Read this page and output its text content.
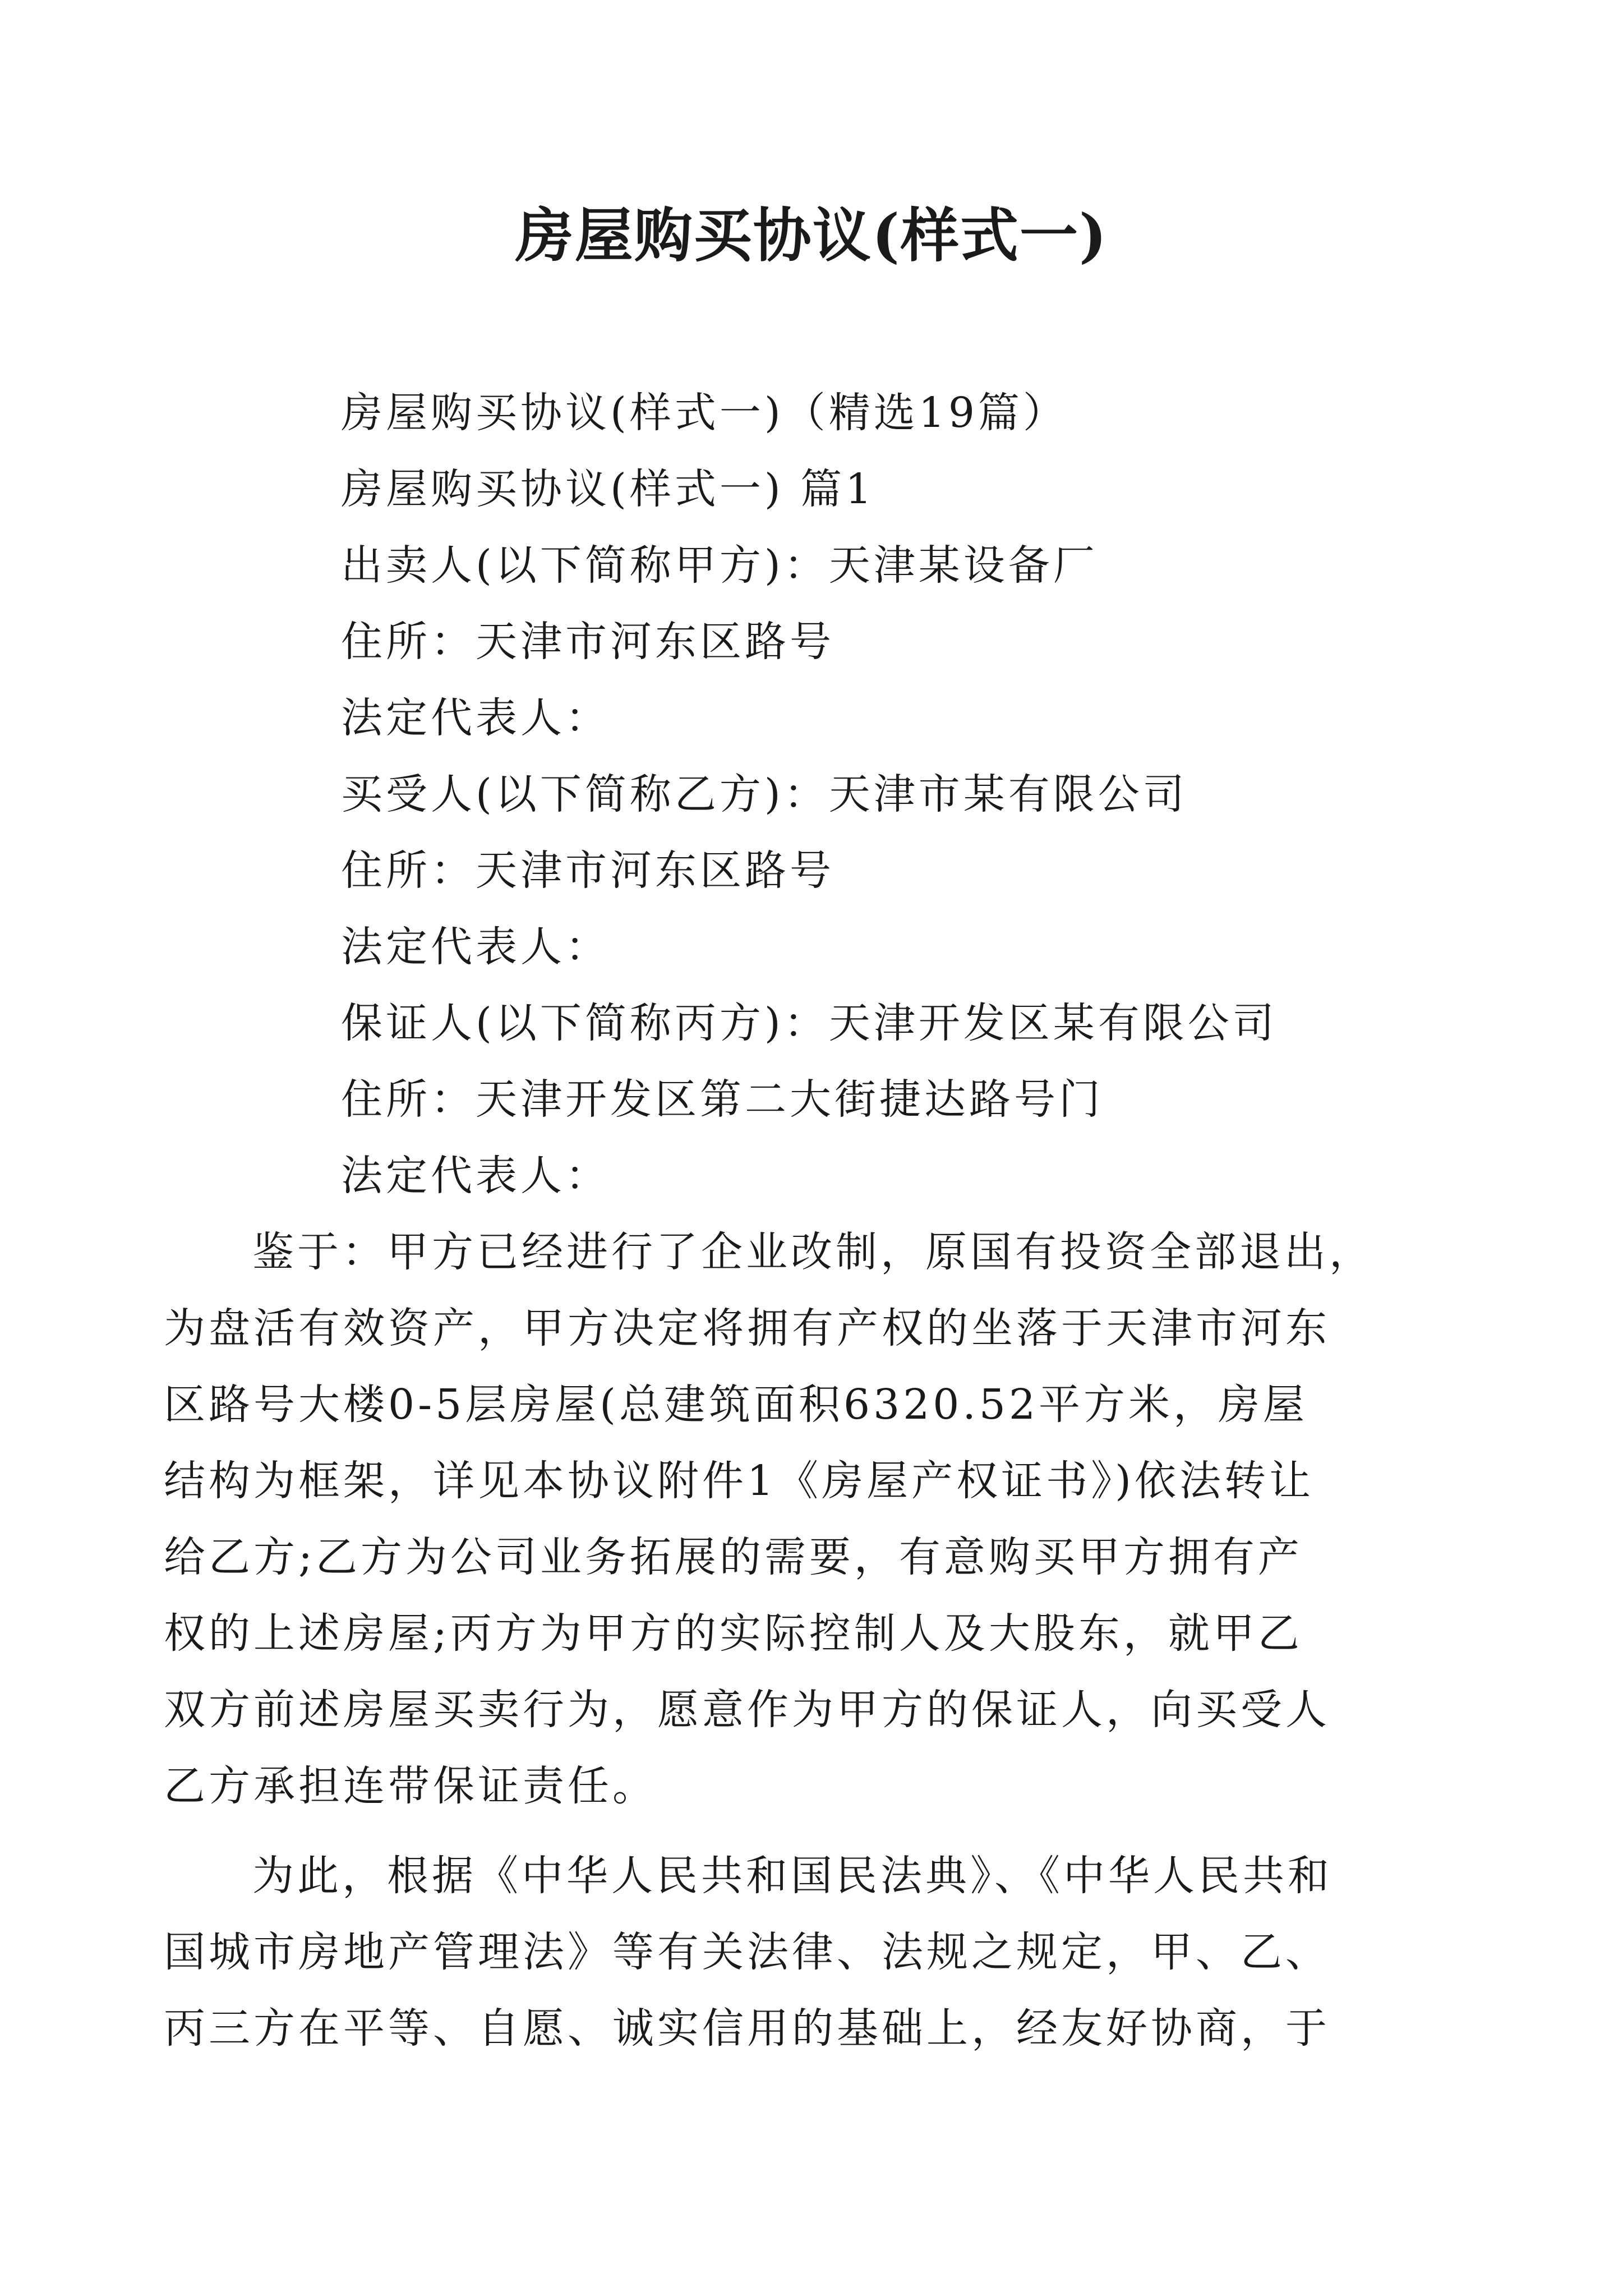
房屋购买协议(样式一)

房屋购买协议(样式一)（精选19篇）

房屋购买协议(样式一) 篇1

出卖人(以下简称甲方)：天津某设备厂

住所：天津市河东区路号

法定代表人：

买受人(以下简称乙方)：天津市某有限公司

住所：天津市河东区路号

法定代表人：

保证人(以下简称丙方)：天津开发区某有限公司

住所：天津开发区第二大街捷达路号门

法定代表人：

鉴于：甲方已经进行了企业改制，原国有投资全部退出，

为盘活有效资产，甲方决定将拥有产权的坐落于天津市河东

区路号大楼0-5层房屋(总建筑面积6320.52平方米，房屋

结构为框架，详见本协议附件1《房屋产权证书》)依法转让

给乙方;乙方为公司业务拓展的需要，有意购买甲方拥有产

权的上述房屋;丙方为甲方的实际控制人及大股东，就甲乙

双方前述房屋买卖行为，愿意作为甲方的保证人，向买受人

乙方承担连带保证责任。

为此，根据《中华人民共和国民法典》、《中华人民共和

国城市房地产管理法》等有关法律、法规之规定，甲、乙、

丙三方在平等、自愿、诚实信用的基础上，经友好协商，于
